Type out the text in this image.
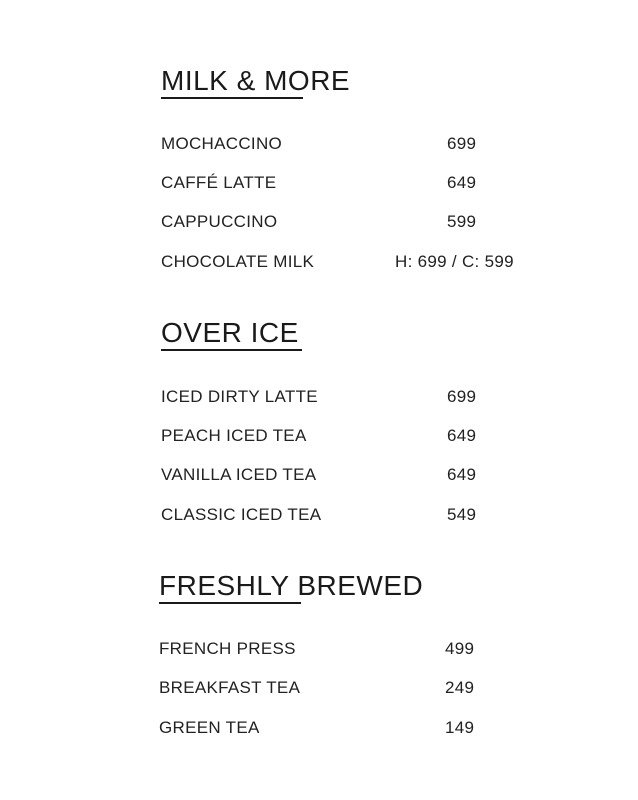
MILK & MORE
MOCHACCINO	699
CAFFÉ LATTE	649
CAPPUCCINO	599
CHOCOLATE MILK	H: 699 / C: 599
OVER ICE
ICED DIRTY LATTE	699
PEACH ICED TEA	649
VANILLA ICED TEA	649
CLASSIC ICED TEA	549
FRESHLY BREWED
FRENCH PRESS	499
BREAKFAST TEA	249
GREEN TEA	149
